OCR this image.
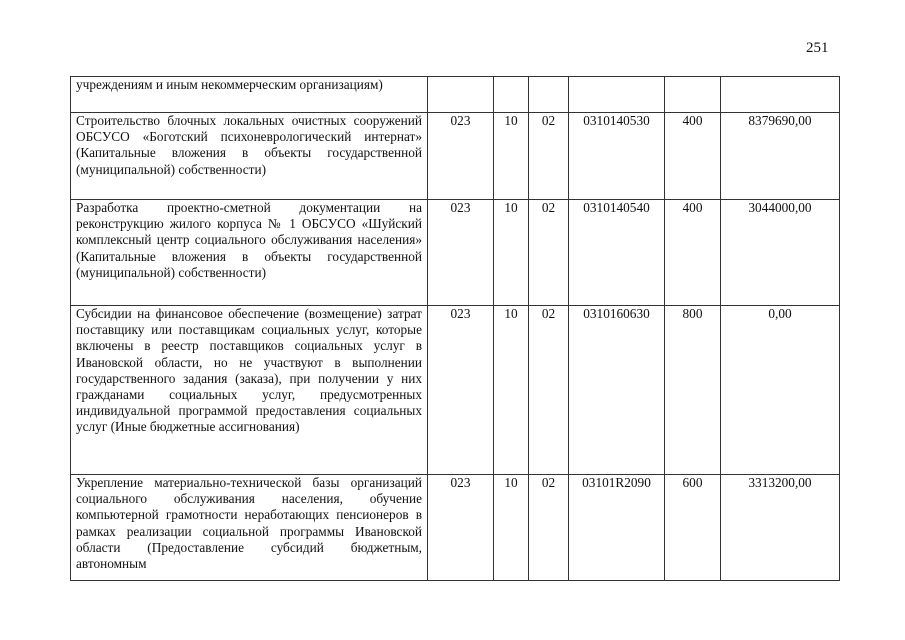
251
учреждениям и иным некоммерческим организациям)						
Строительство блочных локальных очистных сооружений ОБСУСО «Боготский психоневрологический интернат» (Капитальные вложения в объекты государственной (муниципальной) собственности)	023	10	02	0310140530	400	8379690,00
Разработка проектно-сметной документации на реконструкцию жилого корпуса № 1 ОБСУСО «Шуйский комплексный центр социального обслуживания населения» (Капитальные вложения в объекты государственной (муниципальной) собственности)	023	10	02	0310140540	400	3044000,00
Субсидии на финансовое обеспечение (возмещение) затрат поставщику или поставщикам социальных услуг, которые включены в реестр поставщиков социальных услуг в Ивановской области, но не участвуют в выполнении государственного задания (заказа), при получении у них гражданами социальных услуг, предусмотренных индивидуальной программой предоставления социальных услуг (Иные бюджетные ассигнования)	023	10	02	0310160630	800	0,00
Укрепление материально-технической базы организаций социального обслуживания населения, обучение компьютерной грамотности неработающих пенсионеров в рамках реализации социальной программы Ивановской области (Предоставление субсидий бюджетным, автономным	023	10	02	03101R2090	600	3313200,00
